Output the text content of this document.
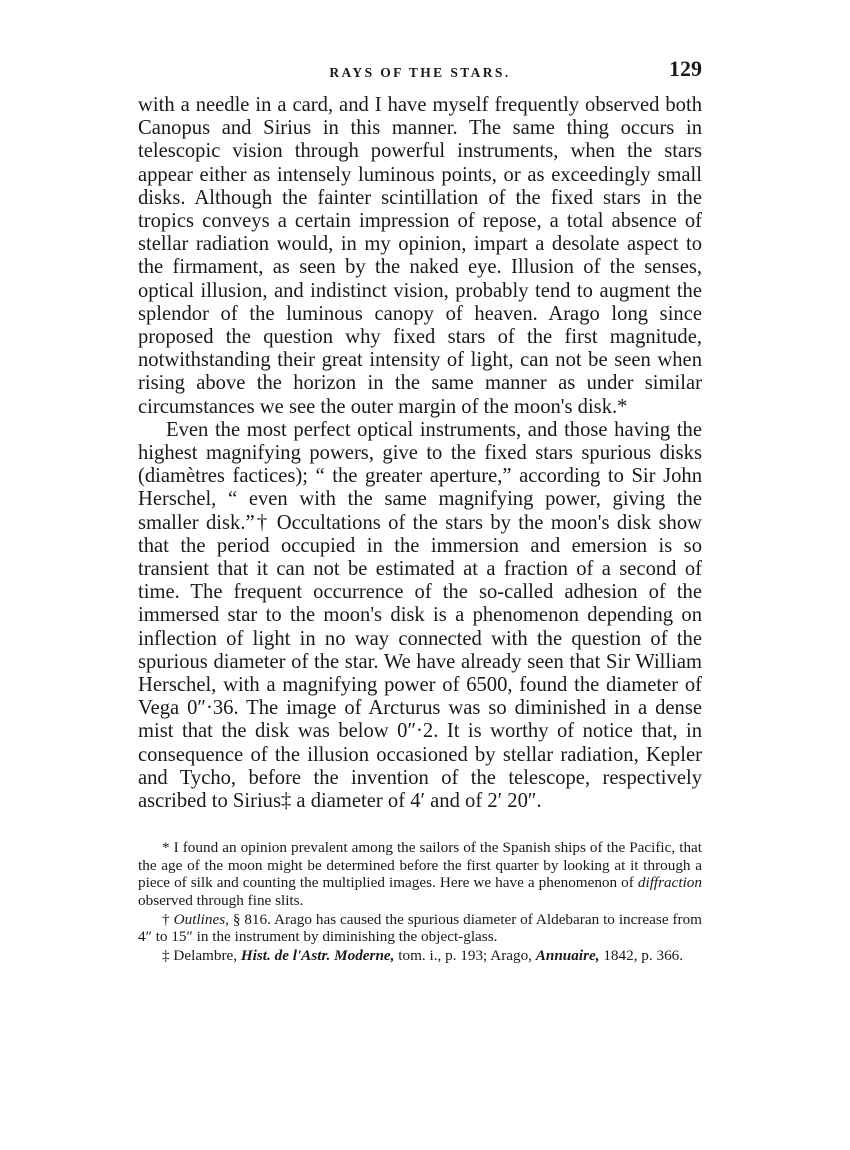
RAYS OF THE STARS.	129

with a needle in a card, and I have myself frequently observed both Canopus and Sirius in this manner. The same thing occurs in telescopic vision through powerful instruments, when the stars appear either as intensely luminous points, or as exceedingly small disks. Although the fainter scintillation of the fixed stars in the tropics conveys a certain impression of repose, a total absence of stellar radiation would, in my opinion, impart a desolate aspect to the firmament, as seen by the naked eye. Illusion of the senses, optical illusion, and indistinct vision, probably tend to augment the splendor of the luminous canopy of heaven. Arago long since proposed the question why fixed stars of the first magnitude, notwithstanding their great intensity of light, can not be seen when rising above the horizon in the same manner as under similar circumstances we see the outer margin of the moon's disk.*

Even the most perfect optical instruments, and those having the highest magnifying powers, give to the fixed stars spurious disks (diamètres factices); “ the greater aperture,” according to Sir John Herschel, “ even with the same magnifying power, giving the smaller disk.”† Occultations of the stars by the moon's disk show that the period occupied in the immersion and emersion is so transient that it can not be estimated at a fraction of a second of time. The frequent occurrence of the so-called adhesion of the immersed star to the moon's disk is a phenomenon depending on inflection of light in no way connected with the question of the spurious diameter of the star. We have already seen that Sir William Herschel, with a magnifying power of 6500, found the diameter of Vega 0″·36. The image of Arcturus was so diminished in a dense mist that the disk was below 0″·2. It is worthy of notice that, in consequence of the illusion occasioned by stellar radiation, Kepler and Tycho, before the invention of the telescope, respectively ascribed to Sirius‡ a diameter of 4′ and of 2′ 20″.

* I found an opinion prevalent among the sailors of the Spanish ships of the Pacific, that the age of the moon might be determined before the first quarter by looking at it through a piece of silk and counting the multiplied images. Here we have a phenomenon of diffraction observed through fine slits.

† Outlines, § 816. Arago has caused the spurious diameter of Aldebaran to increase from 4″ to 15″ in the instrument by diminishing the object-glass.

‡ Delambre, Hist. de l'Astr. Moderne, tom. i., p. 193; Arago, Annuaire, 1842, p. 366.
